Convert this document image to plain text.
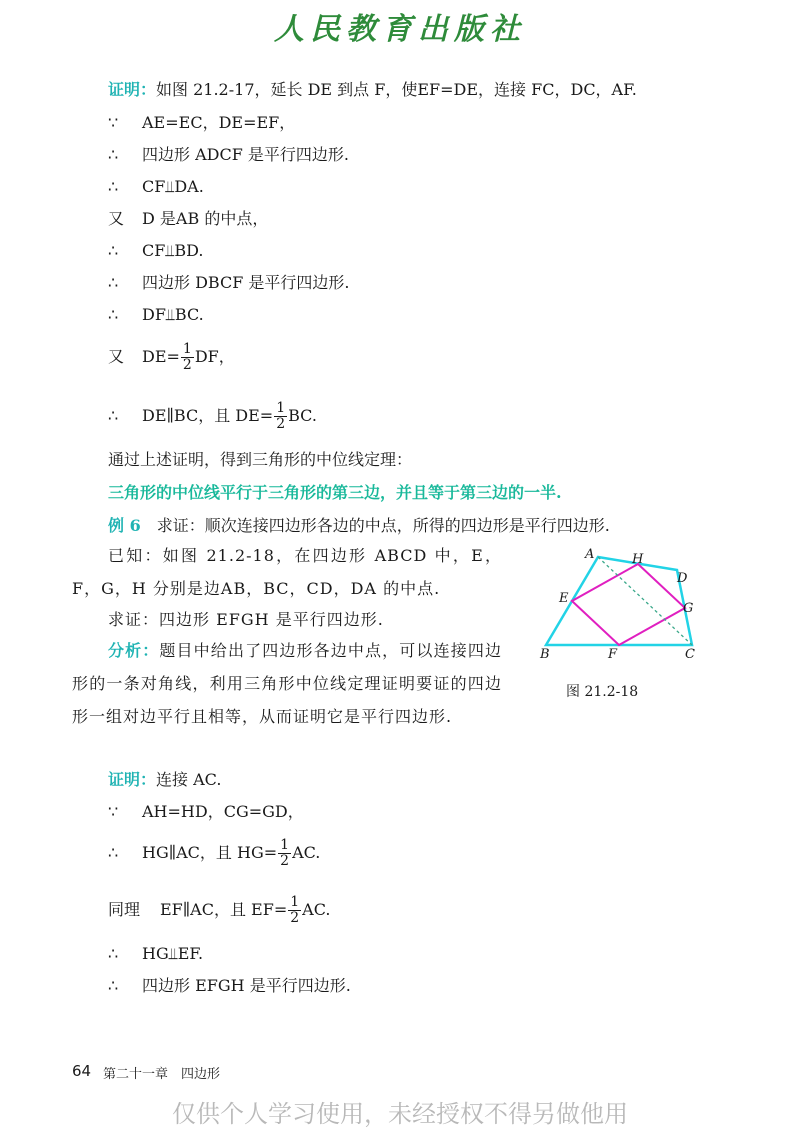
人民教育出版社
证明：如图 21.2-17，延长 DE 到点 F，使EF=DE，连接 FC，DC，AF.
∵ AE=EC，DE=EF，
∴ 四边形 ADCF 是平行四边形.
∴ CF⫫DA.
又 D 是AB 的中点，
∴ CF⫫BD.
∴ 四边形 DBCF 是平行四边形.
∴ DF⫫BC.
又 $DE= \frac{1}{2}$ DF，
∴ DE∥BC，且 $DE= \frac{1}{2}$ BC.
通过上述证明，得到三角形的中位线定理：
三角形的中位线平行于三角形的第三边，并且等于第三边的一半.
例 6　 求证：顺次连接四边形各边的中点，所得的四边形是平行四边形.
已知：如图 21.2-18，在四边形 ABCD 中，E，F，G，H 分别是边AB，BC，CD，DA 的中点.
求证：四边形 EFGH 是平行四边形.
分析：题目中给出了四边形各边中点，可以连接四边形的一条对角线，利用三角形中位线定理证明要证的四边形一组对边平行且相等，从而证明它是平行四边形.
A	H
D
E
G
B	F	C
图 21.2-18
证明：连接 AC.
∵ AH=HD，CG=GD，
∴ HG∥AC，且 $HG= \frac{1}{2}$ AC.
同理 EF∥AC，且 $EF= \frac{1}{2}$ AC.
∴ HG⫫EF.
∴ 四边形 EFGH 是平行四边形.
64 第二十一章　四边形
仅供个人学习使用，未经授权不得另做他用
